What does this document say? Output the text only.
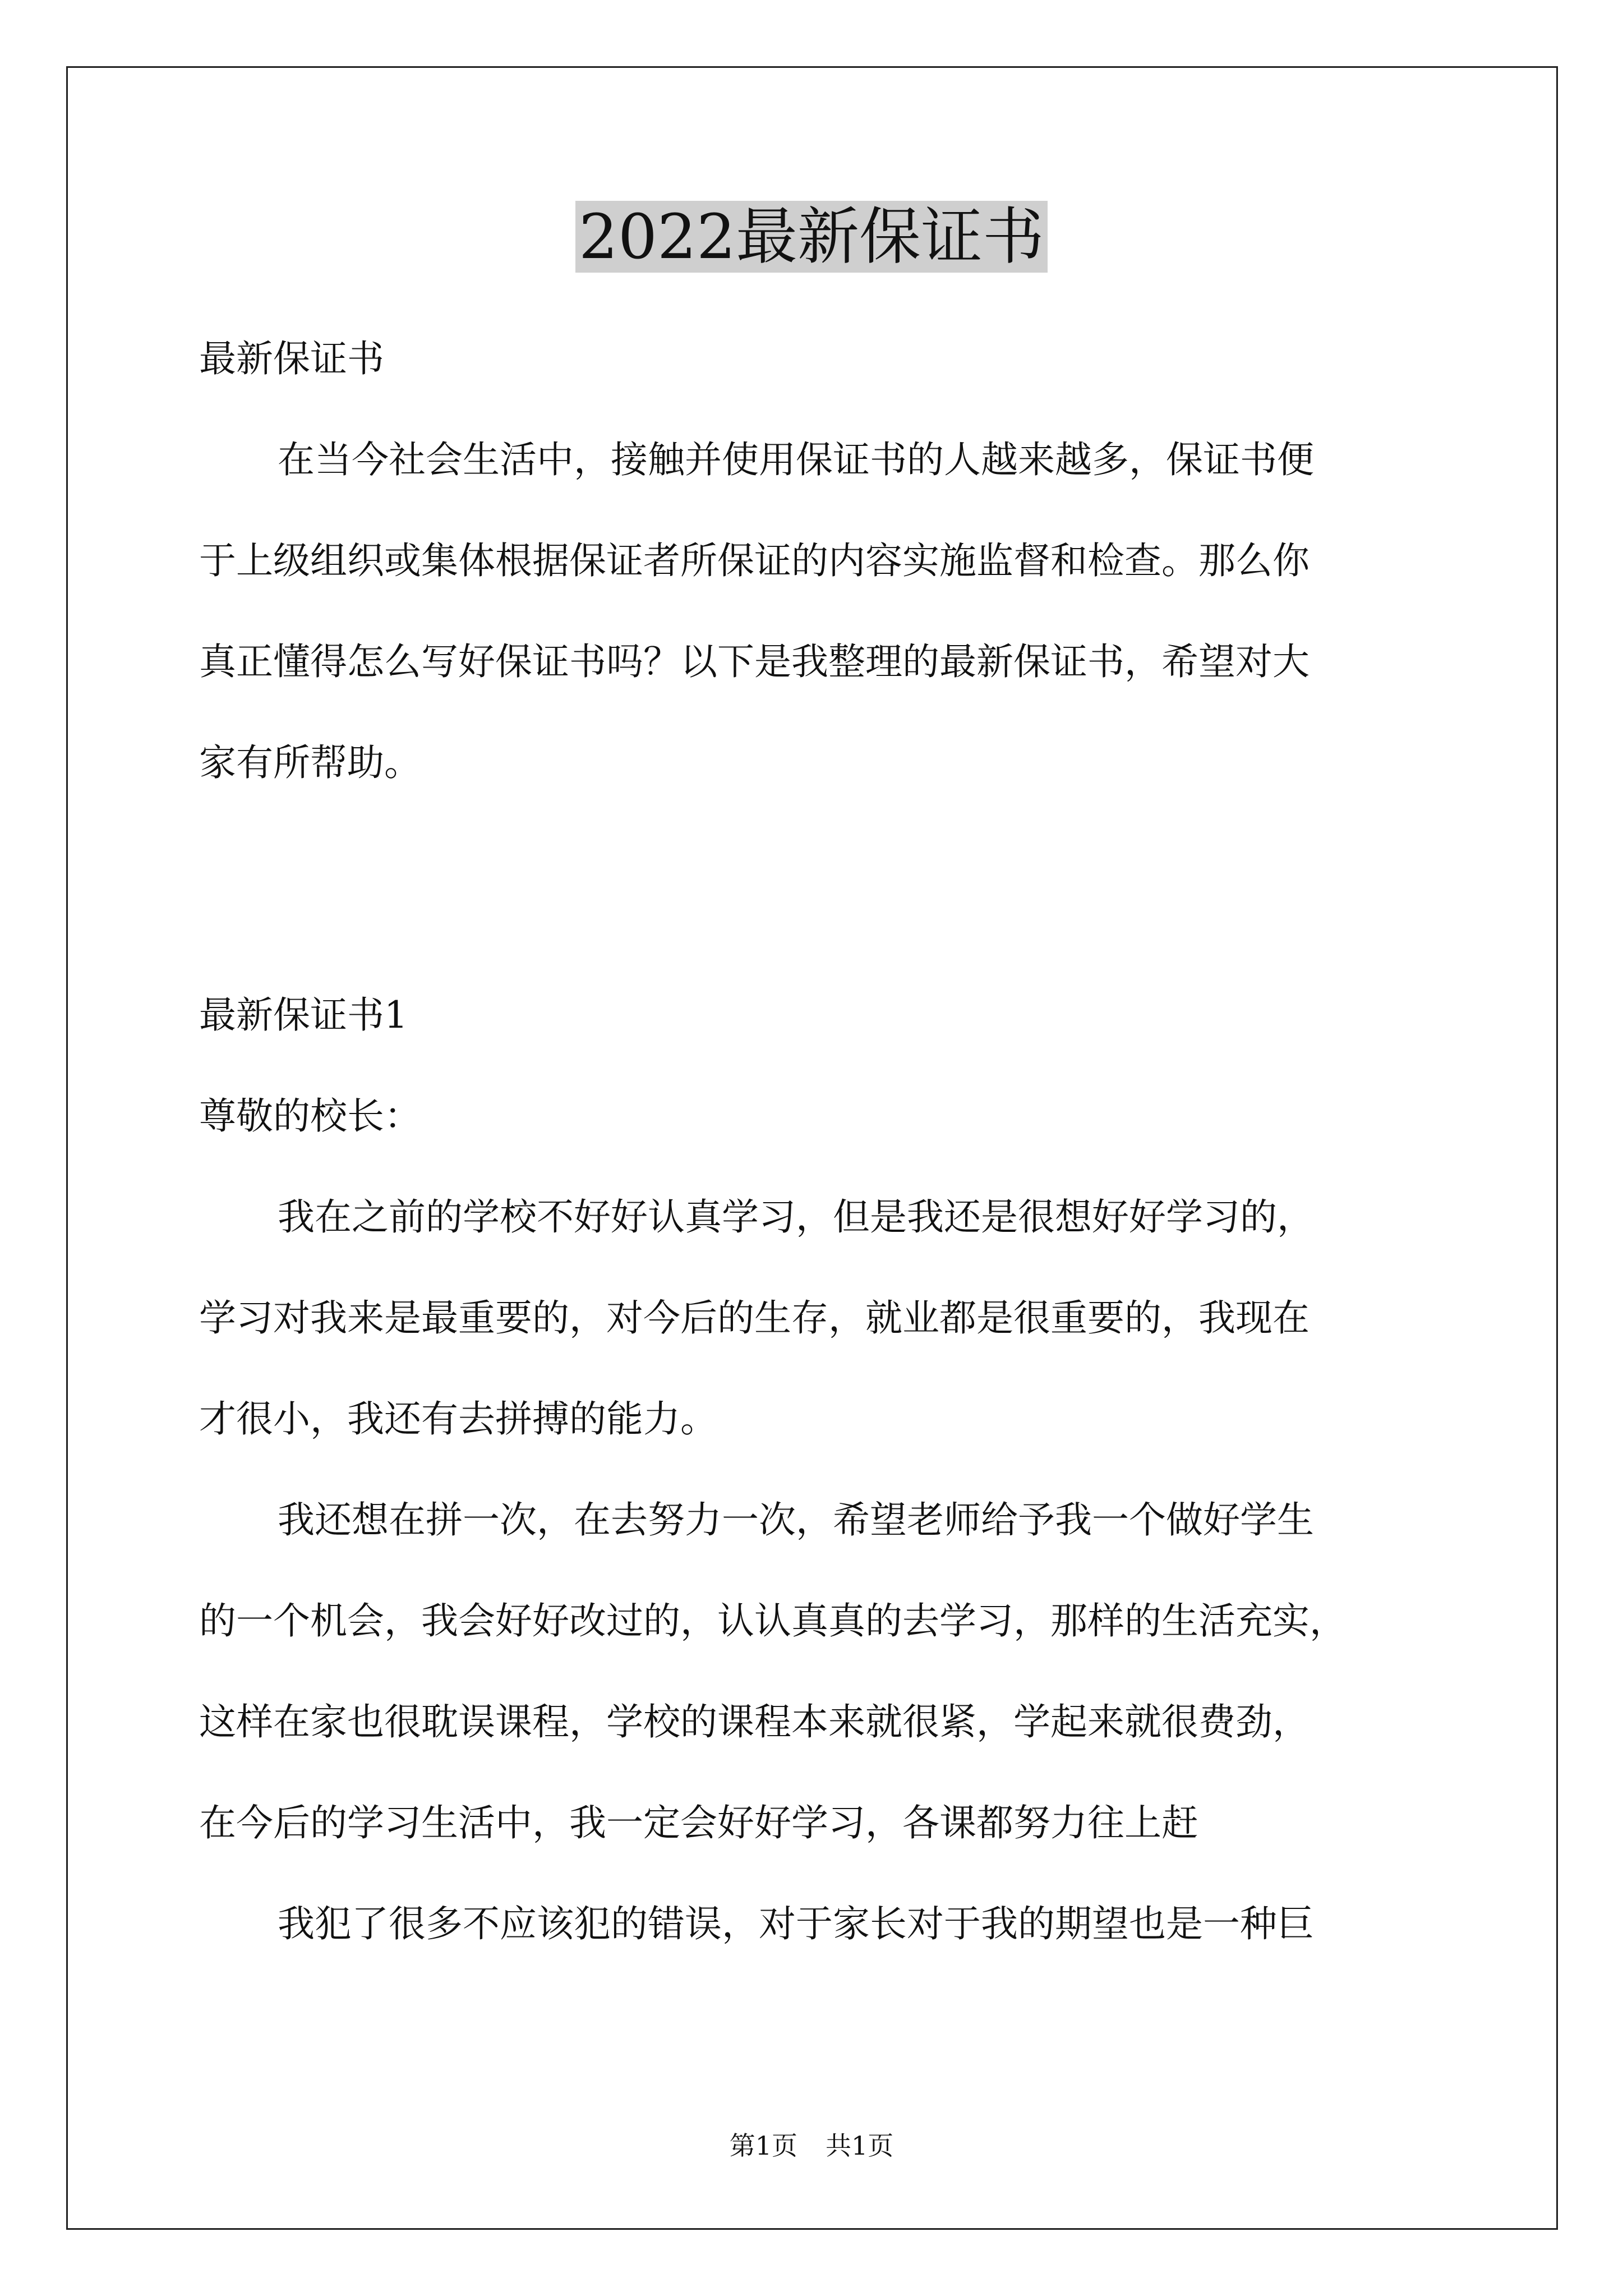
2022最新保证书

最新保证书

在当今社会生活中，接触并使用保证书的人越来越多，保证书便

于上级组织或集体根据保证者所保证的内容实施监督和检查。那么你

真正懂得怎么写好保证书吗？以下是我整理的最新保证书，希望对大

家有所帮助。

最新保证书1

尊敬的校长：

我在之前的学校不好好认真学习，但是我还是很想好好学习的，

学习对我来是最重要的，对今后的生存，就业都是很重要的，我现在

才很小，我还有去拼搏的能力。

我还想在拼一次，在去努力一次，希望老师给予我一个做好学生

的一个机会，我会好好改过的，认认真真的去学习，那样的生活充实，

这样在家也很耽误课程，学校的课程本来就很紧，学起来就很费劲，

在今后的学习生活中，我一定会好好学习，各课都努力往上赶

我犯了很多不应该犯的错误，对于家长对于我的期望也是一种巨

第1页 共1页
